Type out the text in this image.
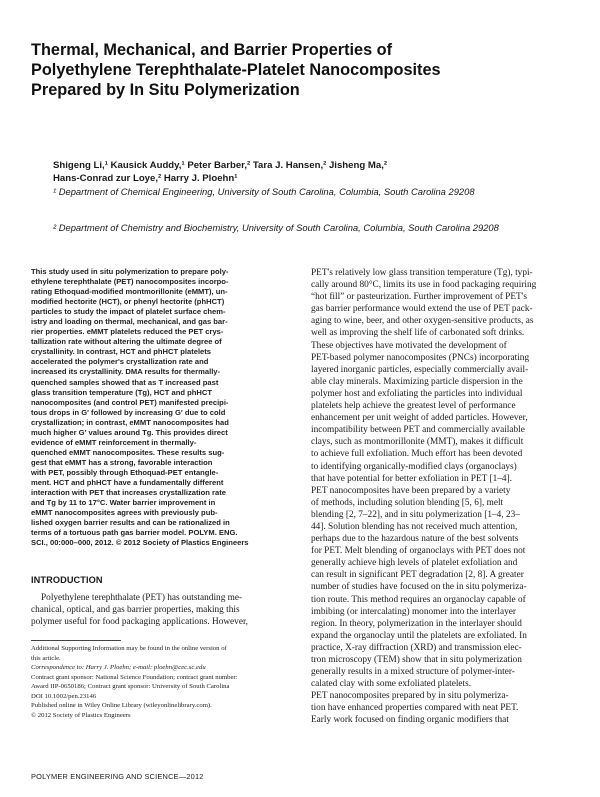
Thermal, Mechanical, and Barrier Properties of
Polyethylene Terephthalate-Platelet Nanocomposites
Prepared by In Situ Polymerization
Shigeng Li,¹ Kausick Auddy,¹ Peter Barber,² Tara J. Hansen,² Jisheng Ma,²
Hans-Conrad zur Loye,² Harry J. Ploehn¹
¹ Department of Chemical Engineering, University of South Carolina, Columbia, South Carolina 29208
² Department of Chemistry and Biochemistry, University of South Carolina, Columbia, South Carolina 29208
This study used in situ polymerization to prepare poly-
ethylene terephthalate (PET) nanocomposites incorpo-
rating Ethoquad-modified montmorillonite (eMMT), un-
modified hectorite (HCT), or phenyl hectorite (phHCT)
particles to study the impact of platelet surface chem-
istry and loading on thermal, mechanical, and gas bar-
rier properties. eMMT platelets reduced the PET crys-
tallization rate without altering the ultimate degree of
crystallinity. In contrast, HCT and phHCT platelets
accelerated the polymer's crystallization rate and
increased its crystallinity. DMA results for thermally-
quenched samples showed that as T increased past
glass transition temperature (Tg), HCT and phHCT
nanocomposites (and control PET) manifested precipi-
tous drops in G′ followed by increasing G′ due to cold
crystallization; in contrast, eMMT nanocomposites had
much higher G′ values around Tg. This provides direct
evidence of eMMT reinforcement in thermally-
quenched eMMT nanocomposites. These results sug-
gest that eMMT has a strong, favorable interaction
with PET, possibly through Ethoquad-PET entangle-
ment. HCT and phHCT have a fundamentally different
interaction with PET that increases crystallization rate
and Tg by 11 to 17°C. Water barrier improvement in
eMMT nanocomposites agrees with previously pub-
lished oxygen barrier results and can be rationalized in
terms of a tortuous path gas barrier model. POLYM. ENG.
SCI., 00:000–000, 2012. © 2012 Society of Plastics Engineers
INTRODUCTION
Polyethylene terephthalate (PET) has outstanding me-
chanical, optical, and gas barrier properties, making this
polymer useful for food packaging applications. However,
Additional Supporting Information may be found in the online version of
this article.
Correspondence to: Harry J. Ploehn; e-mail: ploehn@cec.sc.edu
Contract grant sponsor: National Science Foundation; contract grant number:
Award IIP-0650186; Contract grant sponsor: University of South Carolina
DOI 10.1002/pen.23146
Published online in Wiley Online Library (wileyonlinelibrary.com).
© 2012 Society of Plastics Engineers
PET's relatively low glass transition temperature (Tg), typi-
cally around 80°C, limits its use in food packaging requiring
“hot fill” or pasteurization. Further improvement of PET's
gas barrier performance would extend the use of PET pack-
aging to wine, beer, and other oxygen-sensitive products, as
well as improving the shelf life of carbonated soft drinks.
These objectives have motivated the development of
PET-based polymer nanocomposites (PNCs) incorporating
layered inorganic particles, especially commercially avail-
able clay minerals. Maximizing particle dispersion in the
polymer host and exfoliating the particles into individual
platelets help achieve the greatest level of performance
enhancement per unit weight of added particles. However,
incompatibility between PET and commercially available
clays, such as montmorillonite (MMT), makes it difficult
to achieve full exfoliation. Much effort has been devoted
to identifying organically-modified clays (organoclays)
that have potential for better exfoliation in PET [1–4].
PET nanocomposites have been prepared by a variety
of methods, including solution blending [5, 6], melt
blending [2, 7–22], and in situ polymerization [1–4, 23–
44]. Solution blending has not received much attention,
perhaps due to the hazardous nature of the best solvents
for PET. Melt blending of organoclays with PET does not
generally achieve high levels of platelet exfoliation and
can result in significant PET degradation [2, 8]. A greater
number of studies have focused on the in situ polymeriza-
tion route. This method requires an organoclay capable of
imbibing (or intercalating) monomer into the interlayer
region. In theory, polymerization in the interlayer should
expand the organoclay until the platelets are exfoliated. In
practice, X-ray diffraction (XRD) and transmission elec-
tron microscopy (TEM) show that in situ polymerization
generally results in a mixed structure of polymer-inter-
calated clay with some exfoliated platelets.
PET nanocomposites prepared by in situ polymeriza-
tion have enhanced properties compared with neat PET.
Early work focused on finding organic modifiers that
POLYMER ENGINEERING AND SCIENCE—2012
